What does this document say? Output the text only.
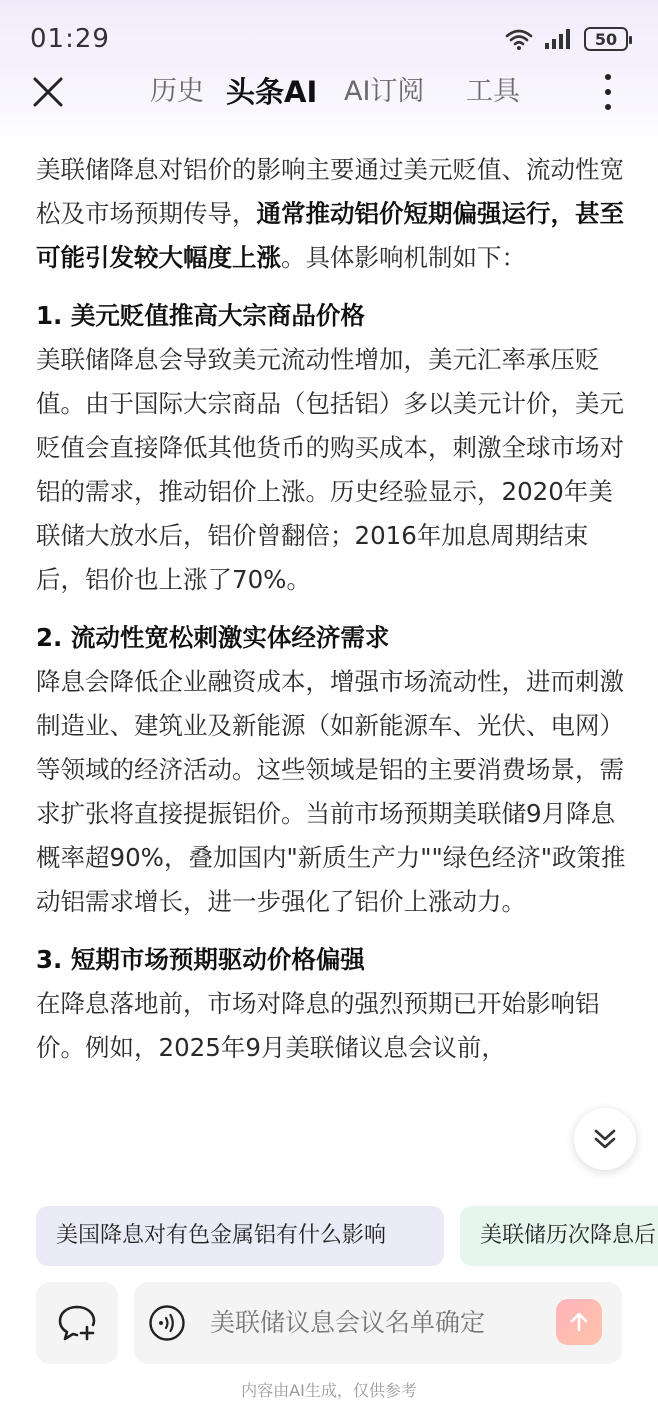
01:29	50
历史 头条AI AI订阅	工具

美联储降息对铝价的影响主要通过美元贬值、流动性宽松及市场预期传导，通常推动铝价短期偏强运行，甚至可能引发较大幅度上涨。具体影响机制如下：

1. 美元贬值推高大宗商品价格

美联储降息会导致美元流动性增加，美元汇率承压贬值。由于国际大宗商品（包括铝）多以美元计价，美元贬值会直接降低其他货币的购买成本，刺激全球市场对铝的需求，推动铝价上涨。历史经验显示，2020年美联储大放水后，铝价曾翻倍；2016年加息周期结束后，铝价也上涨了70%。

2. 流动性宽松刺激实体经济需求

降息会降低企业融资成本，增强市场流动性，进而刺激制造业、建筑业及新能源（如新能源车、光伏、电网）等领域的经济活动。这些领域是铝的主要消费场景，需求扩张将直接提振铝价。当前市场预期美联储9月降息概率超90%，叠加国内"新质生产力""绿色经济"政策推动铝需求增长，进一步强化了铝价上涨动力。

3. 短期市场预期驱动价格偏强

在降息落地前，市场对降息的强烈预期已开始影响铝价。例如，2025年9月美联储议息会议前，

美国降息对有色金属铝有什么影响	美联储历次降息后
美联储议息会议名单确定
内容由AI生成，仅供参考
